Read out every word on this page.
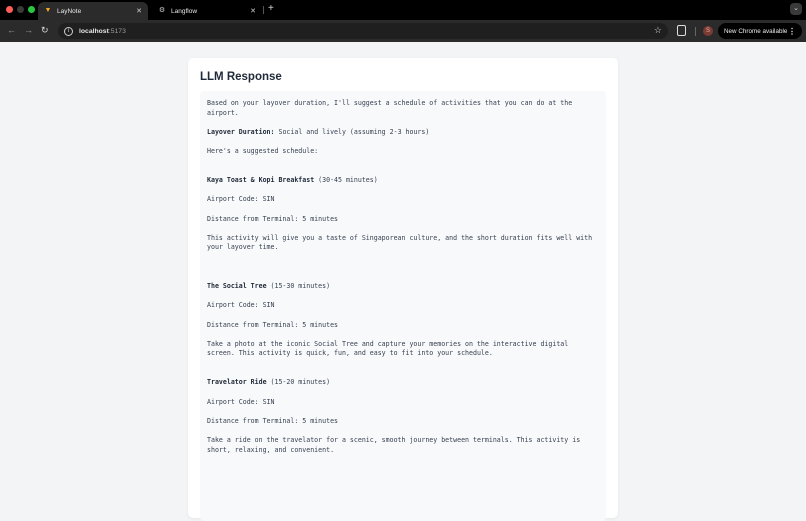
▼ LayNote	✕ ⚙ Langflow	✕ +	⌄
← → ↻	i	localhost :5173	☆	S	New Chrome available ⋮
LLM Response

Based on your layover duration, I'll suggest a schedule of activities that you can do at the airport.

Layover Duration: Social and lively (assuming 2-3 hours)

Here's a suggested schedule:

Kaya Toast & Kopi Breakfast (30-45 minutes)

Airport Code: SIN

Distance from Terminal: 5 minutes

This activity will give you a taste of Singaporean culture, and the short duration fits well with your layover time.

The Social Tree (15-30 minutes)

Airport Code: SIN

Distance from Terminal: 5 minutes

Take a photo at the iconic Social Tree and capture your memories on the interactive digital screen. This activity is quick, fun, and easy to fit into your schedule.

Travelator Ride (15-20 minutes)

Airport Code: SIN

Distance from Terminal: 5 minutes

Take a ride on the travelator for a scenic, smooth journey between terminals. This activity is short, relaxing, and convenient.
